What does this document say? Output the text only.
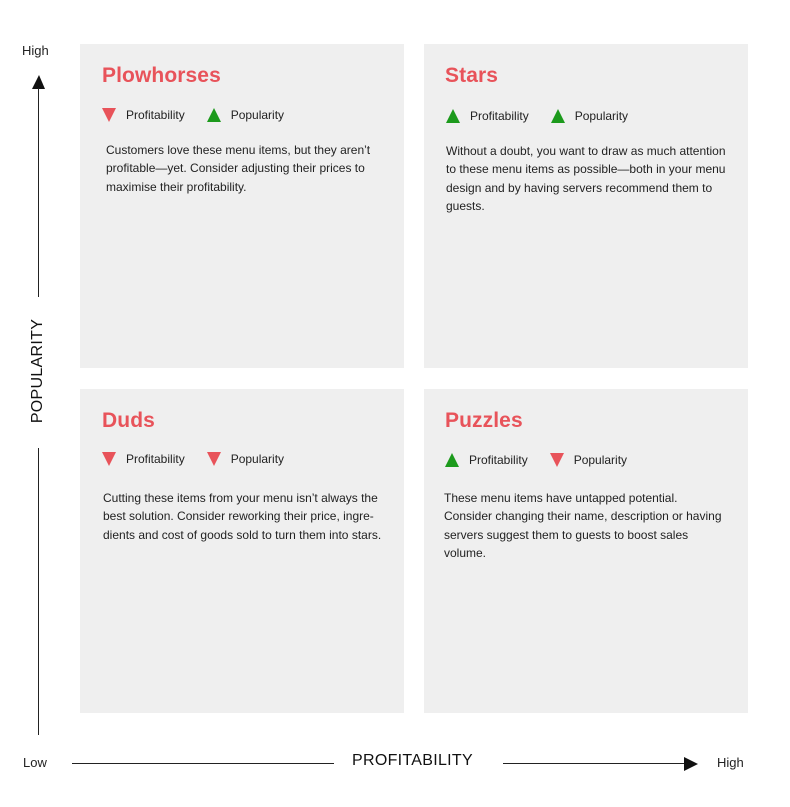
High
POPULARITY
Low	PROFITABILITY	High
Plowhorses
Profitability	Popularity
Customers love these menu items, but they aren’t profitable—yet. Consider adjusting their prices to maximise their profitability.
Stars
Profitability	Popularity
Without a doubt, you want to draw as much attention to these menu items as possible—both in your menu design and by having servers recommend them to guests.
Duds
Profitability	Popularity
Cutting these items from your menu isn’t always the best solution. Consider reworking their price, ingre-dients and cost of goods sold to turn them into stars.
Puzzles
Profitability	Popularity
These menu items have untapped potential. Consider changing their name, description or having servers suggest them to guests to boost sales volume.
